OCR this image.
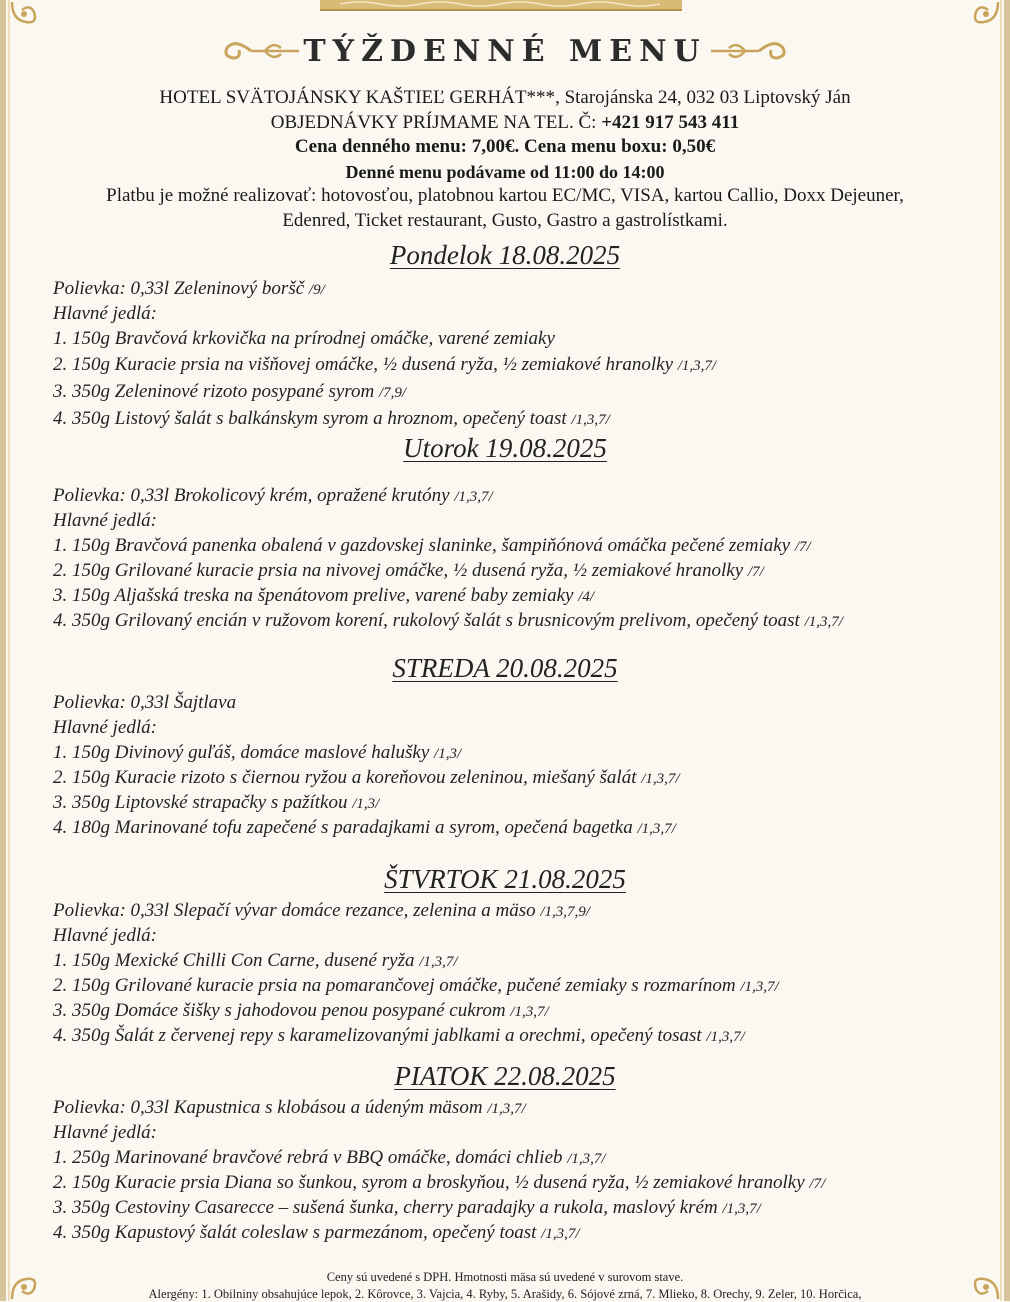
TÝŽDENNÉ MENU
HOTEL SVÄTOJÁNSKY KAŠTIEĽ GERHÁT***, Starojánska 24, 032 03 Liptovský Ján
OBJEDNÁVKY PRÍJMAME NA TEL. Č: +421 917 543 411
Cena denného menu: 7,00€. Cena menu boxu: 0,50€
Denné menu podávame od 11:00 do 14:00
Platbu je možné realizovať: hotovosťou, platobnou kartou EC/MC, VISA, kartou Callio, Doxx Dejeuner,
Edenred, Ticket restaurant, Gusto, Gastro a gastrolístkami.
Pondelok 18.08.2025
Polievka: 0,33l Zeleninový boršč /9/
Hlavné jedlá:
1. 150g Bravčová krkovička na prírodnej omáčke, varené zemiaky
2. 150g Kuracie prsia na višňovej omáčke, ½ dusená ryža, ½ zemiakové hranolky /1,3,7/
3. 350g Zeleninové rizoto posypané syrom /7,9/
4. 350g Listový šalát s balkánskym syrom a hroznom, opečený toast /1,3,7/
Utorok 19.08.2025
Polievka: 0,33l Brokolicový krém, opražené krutóny /1,3,7/
Hlavné jedlá:
1. 150g Bravčová panenka obalená v gazdovskej slaninke, šampiňónová omáčka pečené zemiaky /7/
2. 150g Grilované kuracie prsia na nivovej omáčke, ½ dusená ryža, ½ zemiakové hranolky /7/
3. 150g Aljašská treska na špenátovom prelive, varené baby zemiaky /4/
4. 350g Grilovaný encián v ružovom korení, rukolový šalát s brusnicovým prelivom, opečený toast /1,3,7/
STREDA 20.08.2025
Polievka: 0,33l Šajtlava
Hlavné jedlá:
1. 150g Divinový guľáš, domáce maslové halušky /1,3/
2. 150g Kuracie rizoto s čiernou ryžou a koreňovou zeleninou, miešaný šalát /1,3,7/
3. 350g Liptovské strapačky s pažítkou /1,3/
4. 180g Marinované tofu zapečené s paradajkami a syrom, opečená bagetka /1,3,7/
ŠTVRTOK 21.08.2025
Polievka: 0,33l Slepačí vývar domáce rezance, zelenina a mäso /1,3,7,9/
Hlavné jedlá:
1. 150g Mexické Chilli Con Carne, dusené ryža /1,3,7/
2. 150g Grilované kuracie prsia na pomarančovej omáčke, pučené zemiaky s rozmarínom /1,3,7/
3. 350g Domáce šišky s jahodovou penou posypané cukrom /1,3,7/
4. 350g Šalát z červenej repy s karamelizovanými jablkami a orechmi, opečený tosast /1,3,7/
PIATOK 22.08.2025
Polievka: 0,33l Kapustnica s klobásou a údeným mäsom /1,3,7/
Hlavné jedlá:
1. 250g Marinované bravčové rebrá v BBQ omáčke, domáci chlieb /1,3,7/
2. 150g Kuracie prsia Diana so šunkou, syrom a broskyňou, ½ dusená ryža, ½ zemiakové hranolky /7/
3. 350g Cestoviny Casarecce – sušená šunka, cherry paradajky a rukola, maslový krém /1,3,7/
4. 350g Kapustový šalát coleslaw s parmezánom, opečený toast /1,3,7/
Ceny sú uvedené s DPH. Hmotnosti mäsa sú uvedené v surovom stave.
Alergény: 1. Obilniny obsahujúce lepok, 2. Kôrovce, 3. Vajcia, 4. Ryby, 5. Arašidy, 6. Sójové zrná, 7. Mlieko, 8. Orechy, 9. Zeler, 10. Horčica,
